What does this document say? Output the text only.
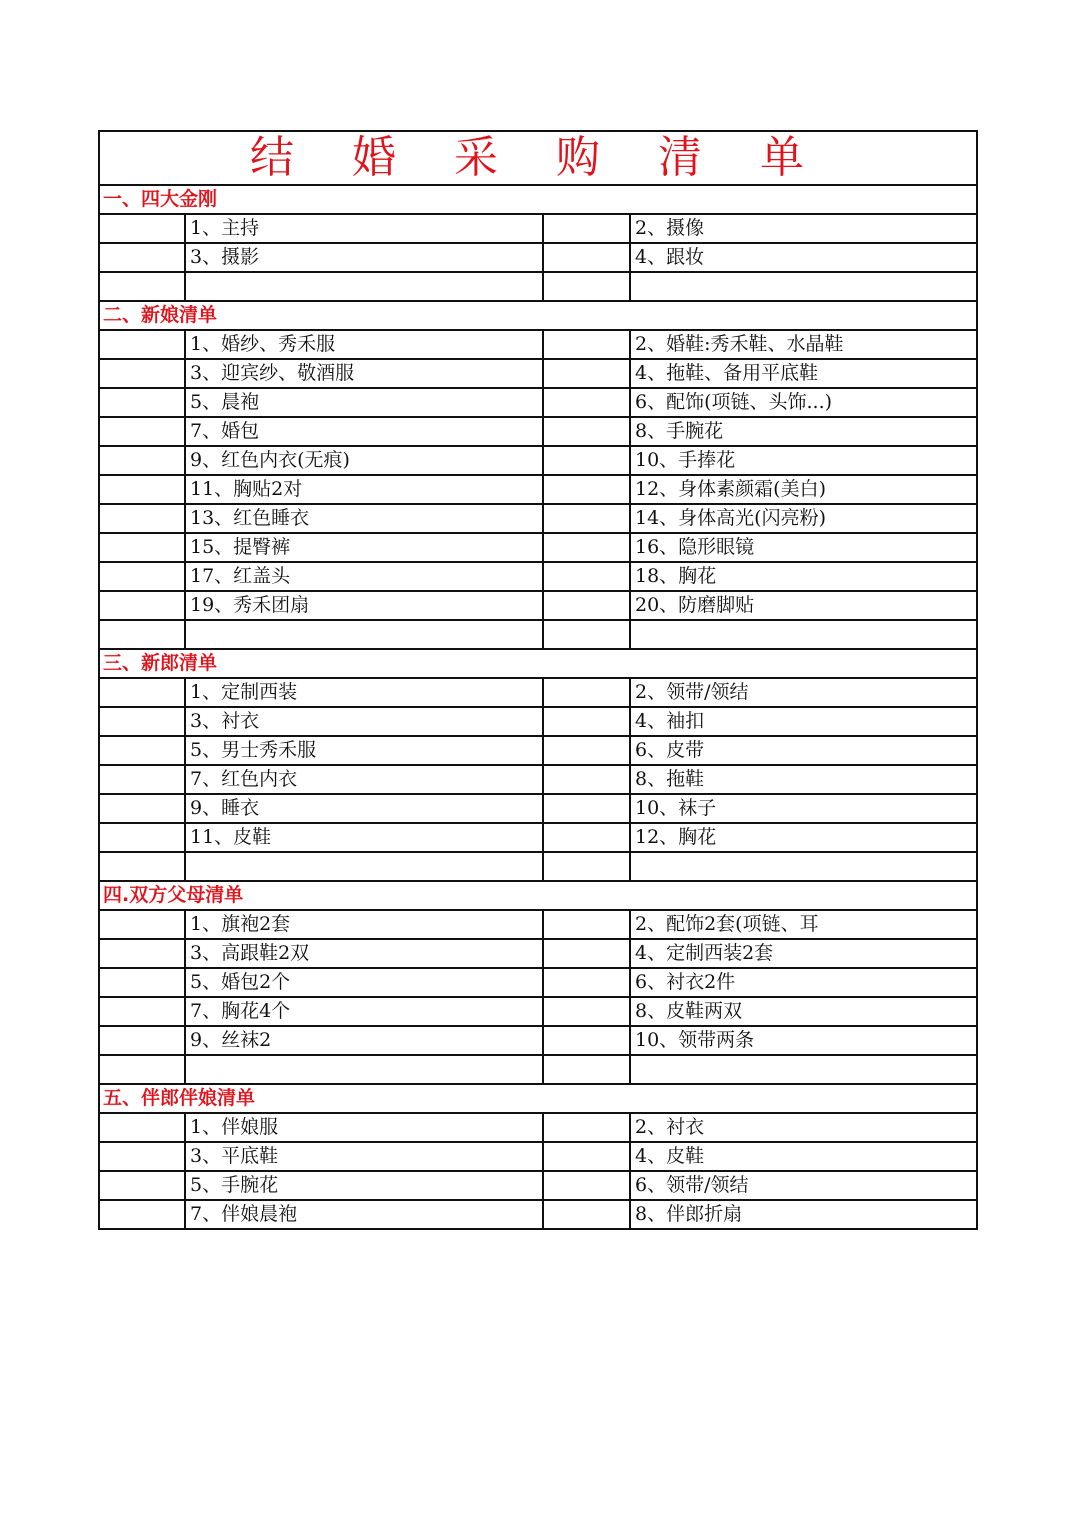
结 婚 采 购 清 单			
一、四大金刚			
	1、主持		2、摄像
	3、摄影		4、跟妆

二、新娘清单			
	1、婚纱、秀禾服		2、婚鞋:秀禾鞋、水晶鞋
	3、迎宾纱、敬酒服		4、拖鞋、备用平底鞋
	5、晨袍		6、配饰(项链、头饰...)
	7、婚包		8、手腕花
	9、红色内衣(无痕)		10、手捧花
	11、胸贴2对		12、身体素颜霜(美白)
	13、红色睡衣		14、身体高光(闪亮粉)
	15、提臀裤		16、隐形眼镜
	17、红盖头		18、胸花
	19、秀禾团扇		20、防磨脚贴

三、新郎清单			
	1、定制西装		2、领带/领结
	3、衬衣		4、袖扣
	5、男士秀禾服		6、皮带
	7、红色内衣		8、拖鞋
	9、睡衣		10、袜子
	11、皮鞋		12、胸花

四.双方父母清单			
	1、旗袍2套		2、配饰2套(项链、耳
	3、高跟鞋2双		4、定制西装2套
	5、婚包2个		6、衬衣2件
	7、胸花4个		8、皮鞋两双
	9、丝袜2		10、领带两条

五、伴郎伴娘清单			
	1、伴娘服		2、衬衣
	3、平底鞋		4、皮鞋
	5、手腕花		6、领带/领结
	7、伴娘晨袍		8、伴郎折扇
